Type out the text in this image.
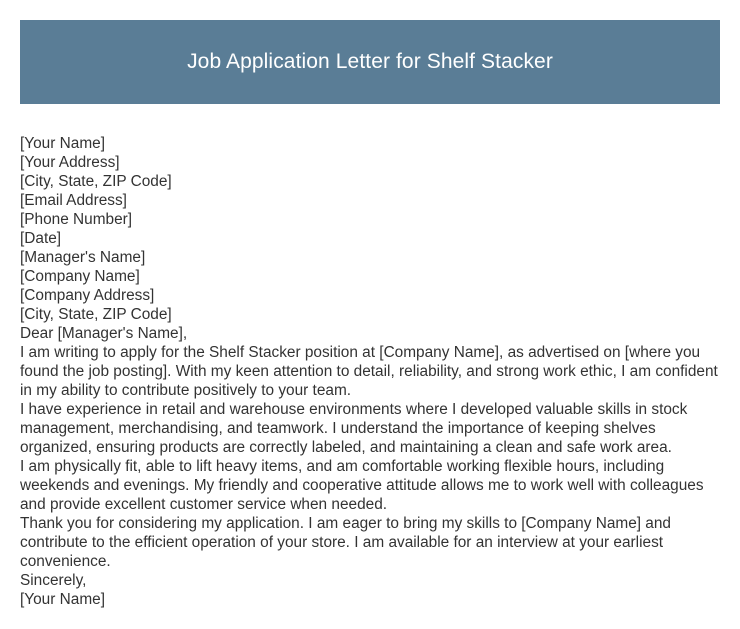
Job Application Letter for Shelf Stacker
[Your Name]
[Your Address]
[City, State, ZIP Code]
[Email Address]
[Phone Number]
[Date]
[Manager's Name]
[Company Name]
[Company Address]
[City, State, ZIP Code]
Dear [Manager's Name],

I am writing to apply for the Shelf Stacker position at [Company Name], as advertised on [where you found the job posting]. With my keen attention to detail, reliability, and strong work ethic, I am confident in my ability to contribute positively to your team.

I have experience in retail and warehouse environments where I developed valuable skills in stock management, merchandising, and teamwork. I understand the importance of keeping shelves organized, ensuring products are correctly labeled, and maintaining a clean and safe work area.

I am physically fit, able to lift heavy items, and am comfortable working flexible hours, including weekends and evenings. My friendly and cooperative attitude allows me to work well with colleagues and provide excellent customer service when needed.

Thank you for considering my application. I am eager to bring my skills to [Company Name] and contribute to the efficient operation of your store. I am available for an interview at your earliest convenience.

Sincerely,
[Your Name]
